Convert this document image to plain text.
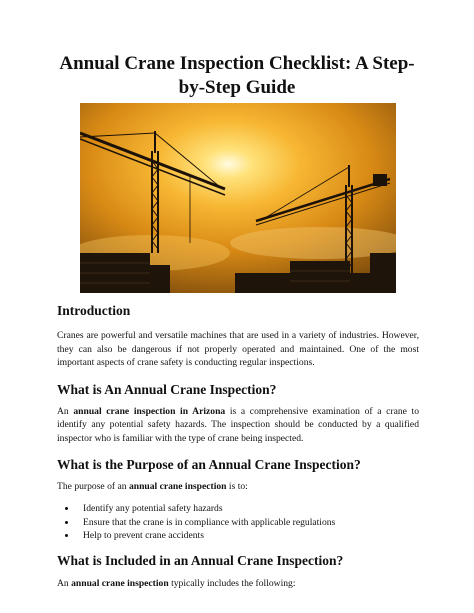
Annual Crane Inspection Checklist: A Step-by-Step Guide
Introduction

Cranes are powerful and versatile machines that are used in a variety of industries. However, they can also be dangerous if not properly operated and maintained. One of the most important aspects of crane safety is conducting regular inspections.

What is An Annual Crane Inspection?

An annual crane inspection in Arizona is a comprehensive examination of a crane to identify any potential safety hazards. The inspection should be conducted by a qualified inspector who is familiar with the type of crane being inspected.

What is the Purpose of an Annual Crane Inspection?

The purpose of an annual crane inspection is to:

• Identify any potential safety hazards
• Ensure that the crane is in compliance with applicable regulations
• Help to prevent crane accidents
What is Included in an Annual Crane Inspection?

An annual crane inspection typically includes the following:
